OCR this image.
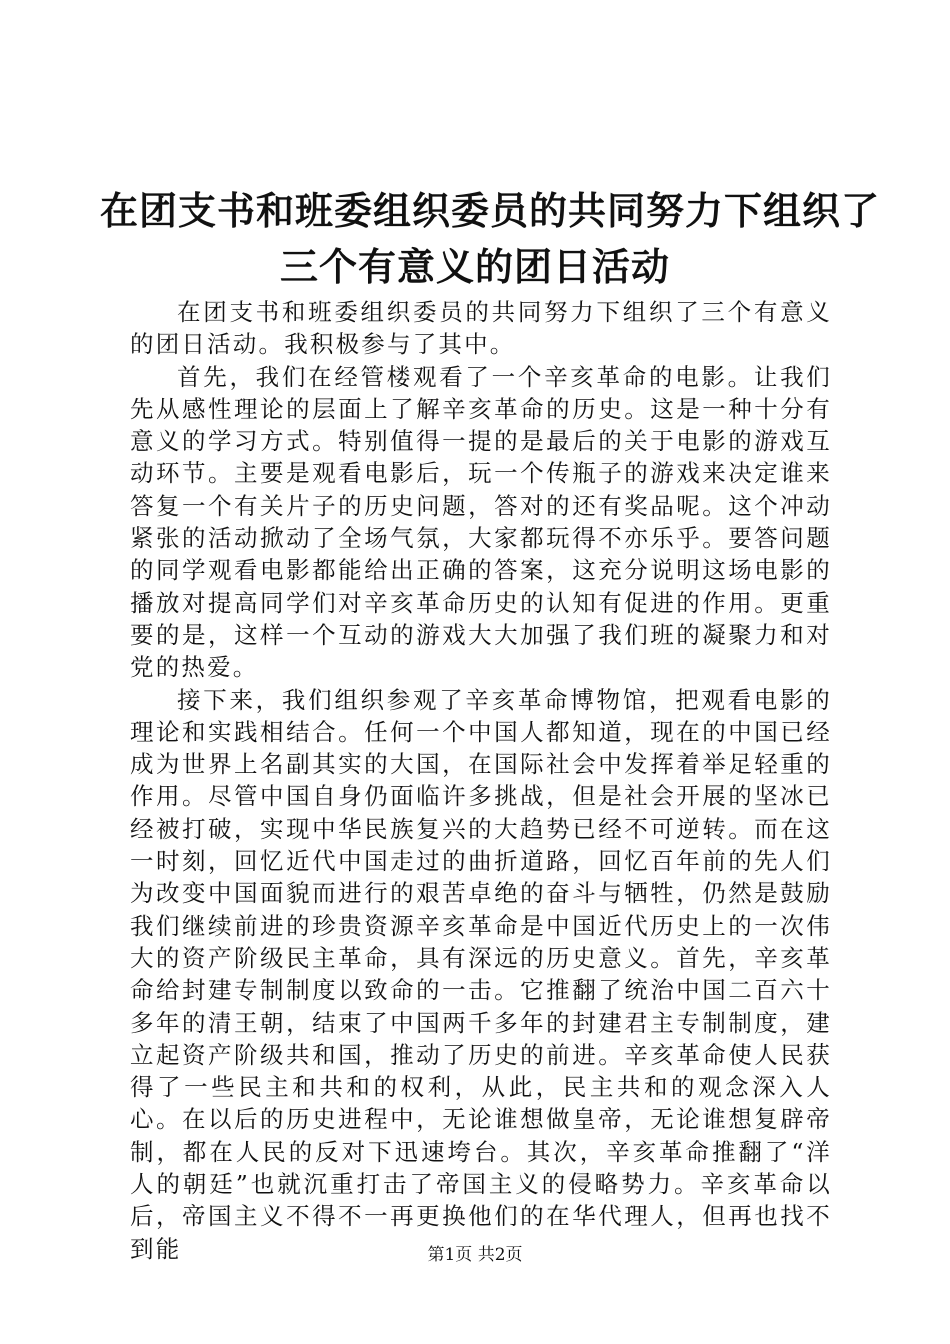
在团支书和班委组织委员的共同努力下组织了
三个有意义的团日活动

在团支书和班委组织委员的共同努力下组织了三个有意义的团日活动。我积极参与了其中。

首先，我们在经管楼观看了一个辛亥革命的电影。让我们先从感性理论的层面上了解辛亥革命的历史。这是一种十分有意义的学习方式。特别值得一提的是最后的关于电影的游戏互动环节。主要是观看电影后，玩一个传瓶子的游戏来决定谁来答复一个有关片子的历史问题，答对的还有奖品呢。这个冲动紧张的活动掀动了全场气氛，大家都玩得不亦乐乎。要答问题的同学观看电影都能给出正确的答案，这充分说明这场电影的播放对提高同学们对辛亥革命历史的认知有促进的作用。更重要的是，这样一个互动的游戏大大加强了我们班的凝聚力和对党的热爱。

接下来，我们组织参观了辛亥革命博物馆，把观看电影的理论和实践相结合。任何一个中国人都知道，现在的中国已经成为世界上名副其实的大国，在国际社会中发挥着举足轻重的作用。尽管中国自身仍面临许多挑战，但是社会开展的坚冰已经被打破，实现中华民族复兴的大趋势已经不可逆转。而在这一时刻，回忆近代中国走过的曲折道路，回忆百年前的先人们为改变中国面貌而进行的艰苦卓绝的奋斗与牺牲，仍然是鼓励我们继续前进的珍贵资源辛亥革命是中国近代历史上的一次伟大的资产阶级民主革命，具有深远的历史意义。首先，辛亥革命给封建专制制度以致命的一击。它推翻了统治中国二百六十多年的清王朝，结束了中国两千多年的封建君主专制制度，建立起资产阶级共和国，推动了历史的前进。辛亥革命使人民获得了一些民主和共和的权利，从此，民主共和的观念深入人心。在以后的历史进程中，无论谁想做皇帝，无论谁想复辟帝制，都在人民的反对下迅速垮台。其次，辛亥革命推翻了“洋人的朝廷”也就沉重打击了帝国主义的侵略势力。辛亥革命以后，帝国主义不得不一再更换他们的在华代理人，但再也找不到能	第1页 共2页
